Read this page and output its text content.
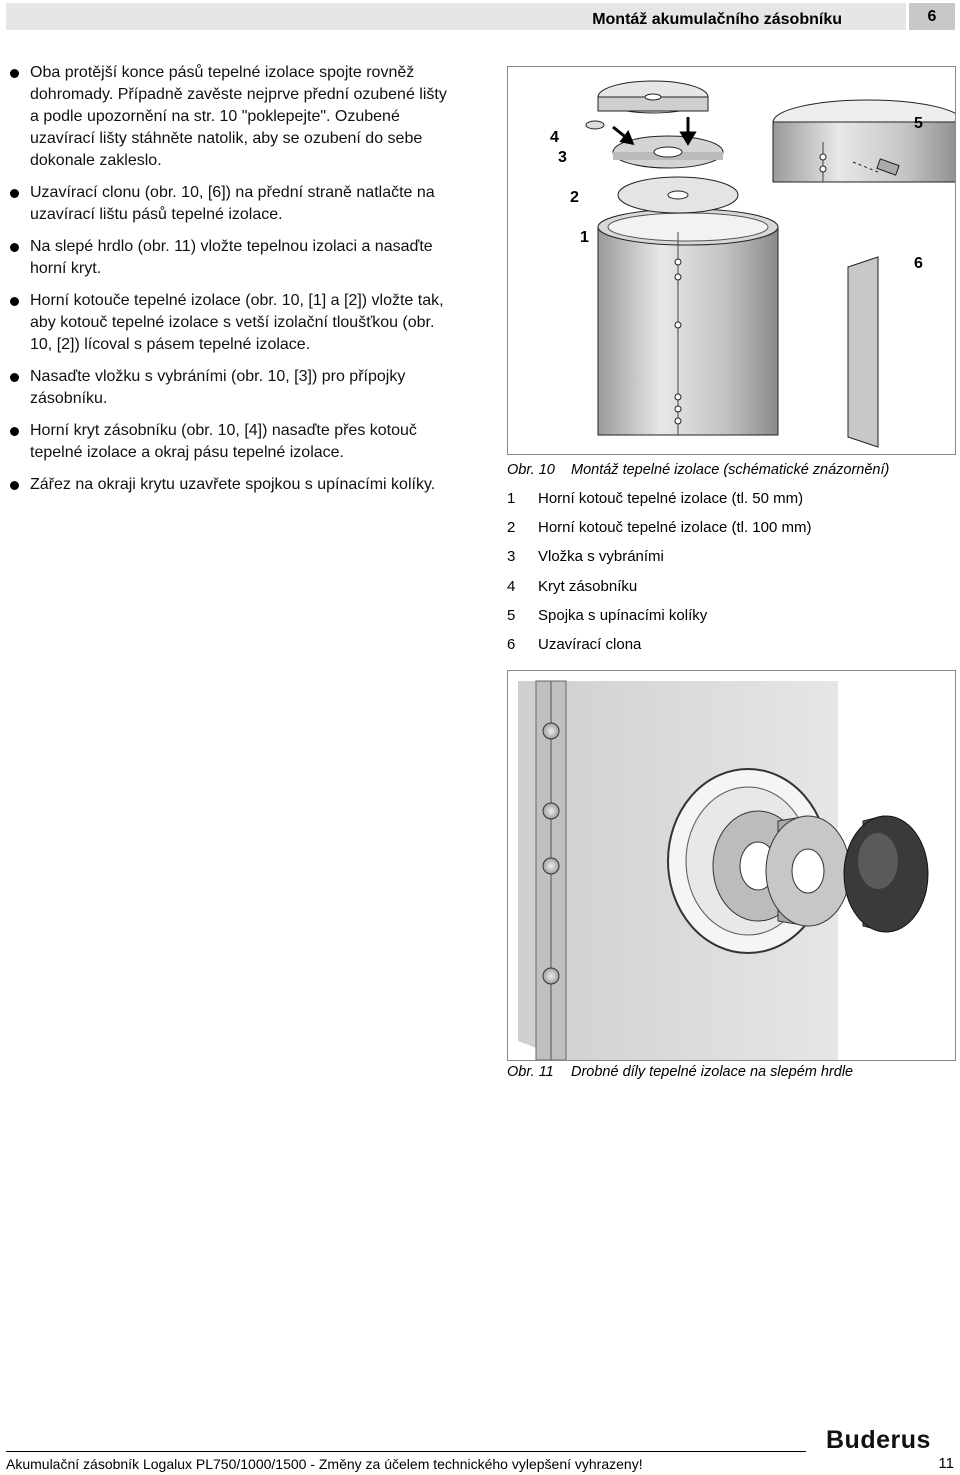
Montáž akumulačního zásobníku	6
Oba protější konce pásů tepelné izolace spojte rovněž dohromady. Případně zavěste nejprve přední ozubené lišty a podle upozornění na str. 10 "poklepejte". Ozubené uzavírací lišty stáhněte natolik, aby se ozubení do sebe dokonale zakleslo.
Uzavírací clonu (obr. 10, [6]) na přední straně natlačte na uzavírací lištu pásů tepelné izolace.
Na slepé hrdlo (obr. 11) vložte tepelnou izolaci a nasaďte horní kryt.
Horní kotouče tepelné izolace (obr. 10, [1] a [2]) vložte tak, aby kotouč tepelné izolace s vetší izolační tloušťkou (obr. 10, [2]) lícoval s pásem tepelné izolace.
Nasaďte vložku s vybráními (obr. 10, [3]) pro přípojky zásobníku.
Horní kryt zásobníku (obr. 10, [4]) nasaďte přes kotouč tepelné izolace a okraj pásu tepelné izolace.
Zářez na okraji krytu uzavřete spojkou s upínacími kolíky.
4
3
2
1
5
6
Obr. 10 Montáž tepelné izolace (schématické znázornění)
1	Horní kotouč tepelné izolace (tl. 50 mm)
2	Horní kotouč tepelné izolace (tl. 100 mm)
3	Vložka s vybráními
4	Kryt zásobníku
5	Spojka s upínacími kolíky
6	Uzavírací clona
Obr. 11 Drobné díly tepelné izolace na slepém hrdle
Buderus
Akumulační zásobník Logalux PL750/1000/1500 - Změny za účelem technického vylepšení vyhrazeny!	11
